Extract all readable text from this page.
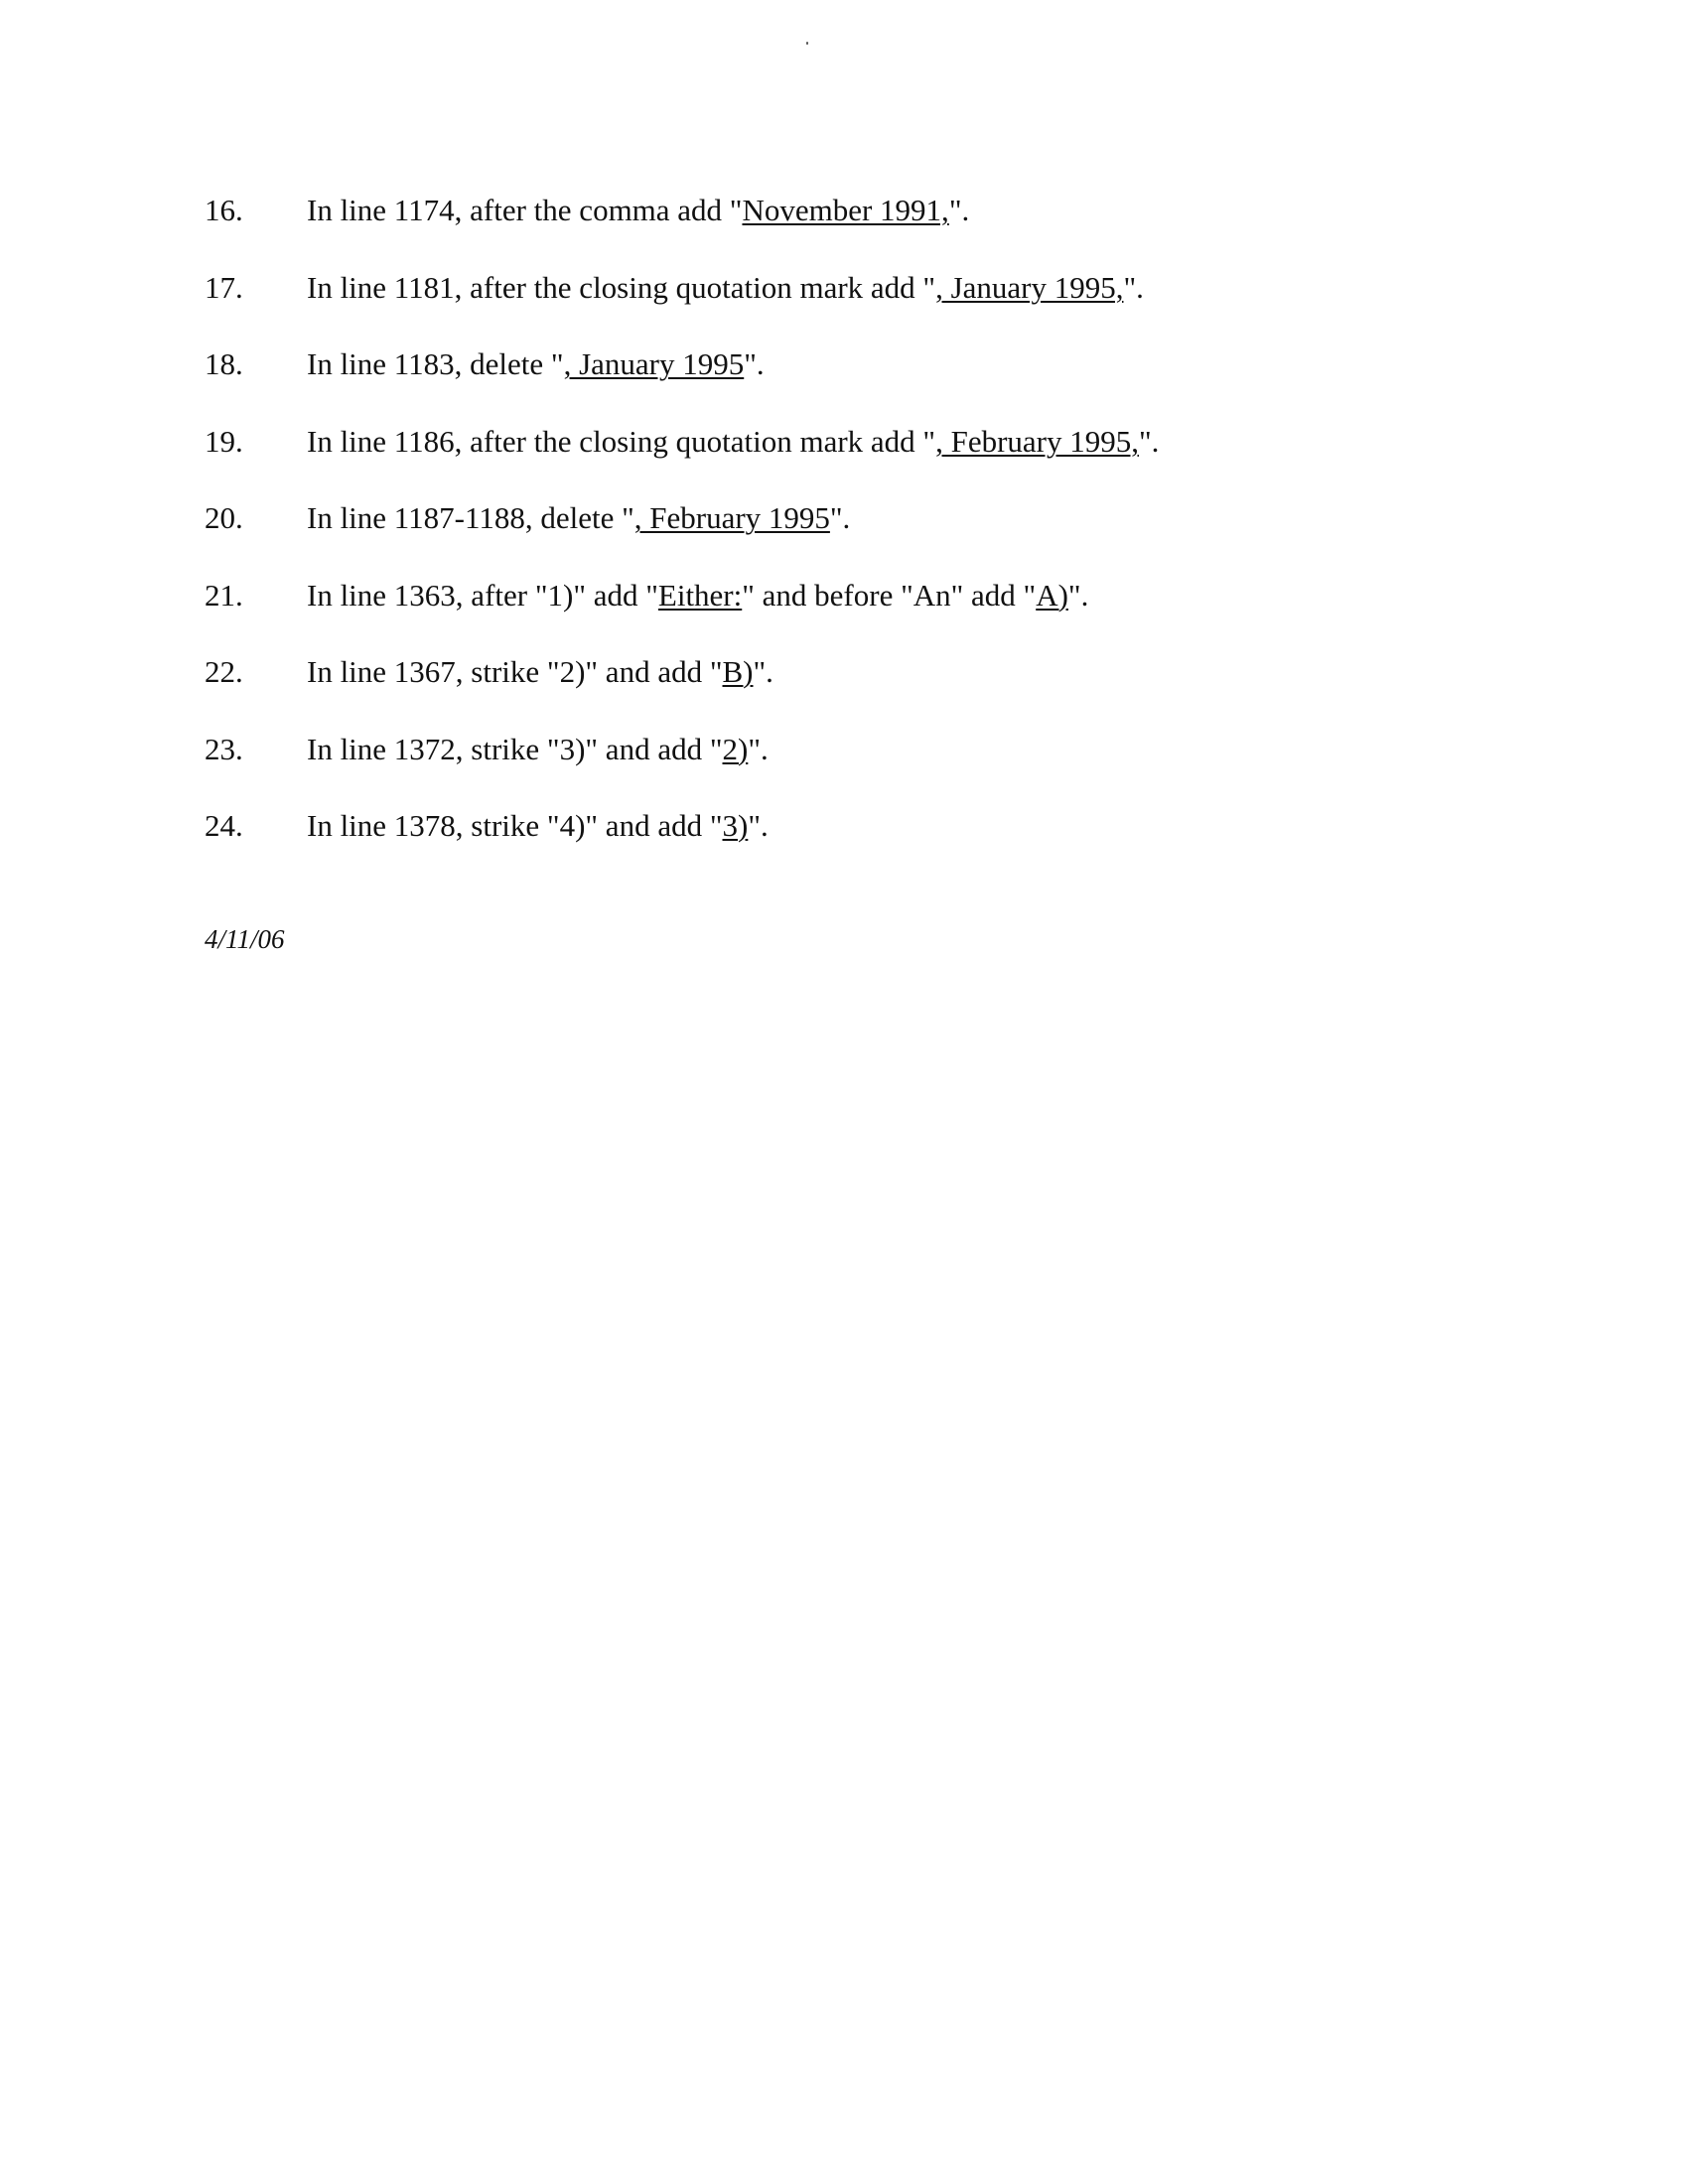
16. In line 1174, after the comma add "November 1991,".
17. In line 1181, after the closing quotation mark add ", January 1995,".
18. In line 1183, delete ", January 1995".
19. In line 1186, after the closing quotation mark add ", February 1995,".
20. In line 1187-1188, delete ", February 1995".
21. In line 1363, after "1)" add "Either:" and before "An" add "A)".
22. In line 1367, strike "2)" and add "B)".
23. In line 1372, strike "3)" and add "2)".
24. In line 1378, strike "4)" and add "3)".
4/11/06
